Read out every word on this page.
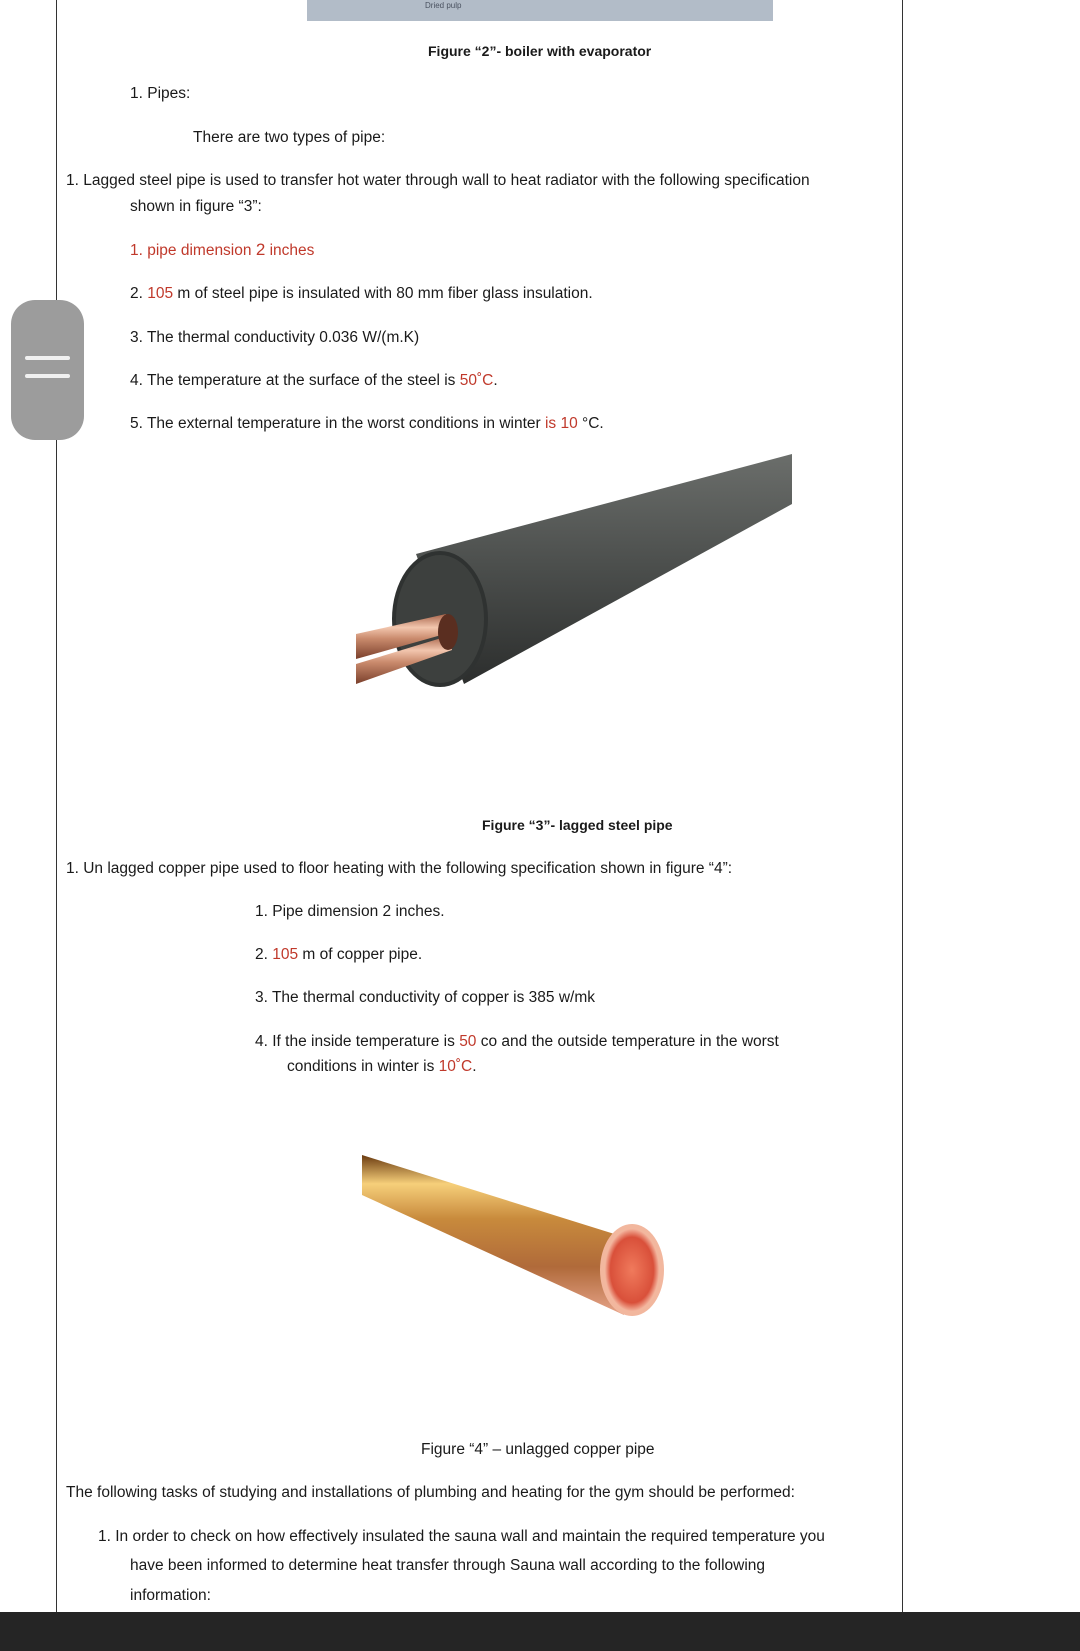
Dried pulp
Figure “2”- boiler with evaporator
1. Pipes:
There are two types of pipe:
1. Lagged steel pipe is used to transfer hot water through wall to heat radiator with the following specification
shown in figure “3”:
1. pipe dimension 2 inches
2. 105 m of steel pipe is insulated with 80 mm fiber glass insulation.
3. The thermal conductivity 0.036 W/(m.K)
4. The temperature at the surface of the steel is 50˚C.
5. The external temperature in the worst conditions in winter is 10 °C.
Figure “3”- lagged steel pipe
1. Un lagged copper pipe used to floor heating with the following specification shown in figure “4”:
1. Pipe dimension 2 inches.
2. 105 m of copper pipe.
3. The thermal conductivity of copper is 385 w/mk
4. If the inside temperature is 50 co and the outside temperature in the worst
conditions in winter is 10˚C.
Figure “4” – unlagged copper pipe
The following tasks of studying and installations of plumbing and heating for the gym should be performed:
1. In order to check on how effectively insulated the sauna wall and maintain the required temperature you
have been informed to determine heat transfer through Sauna wall according to the following
information:
